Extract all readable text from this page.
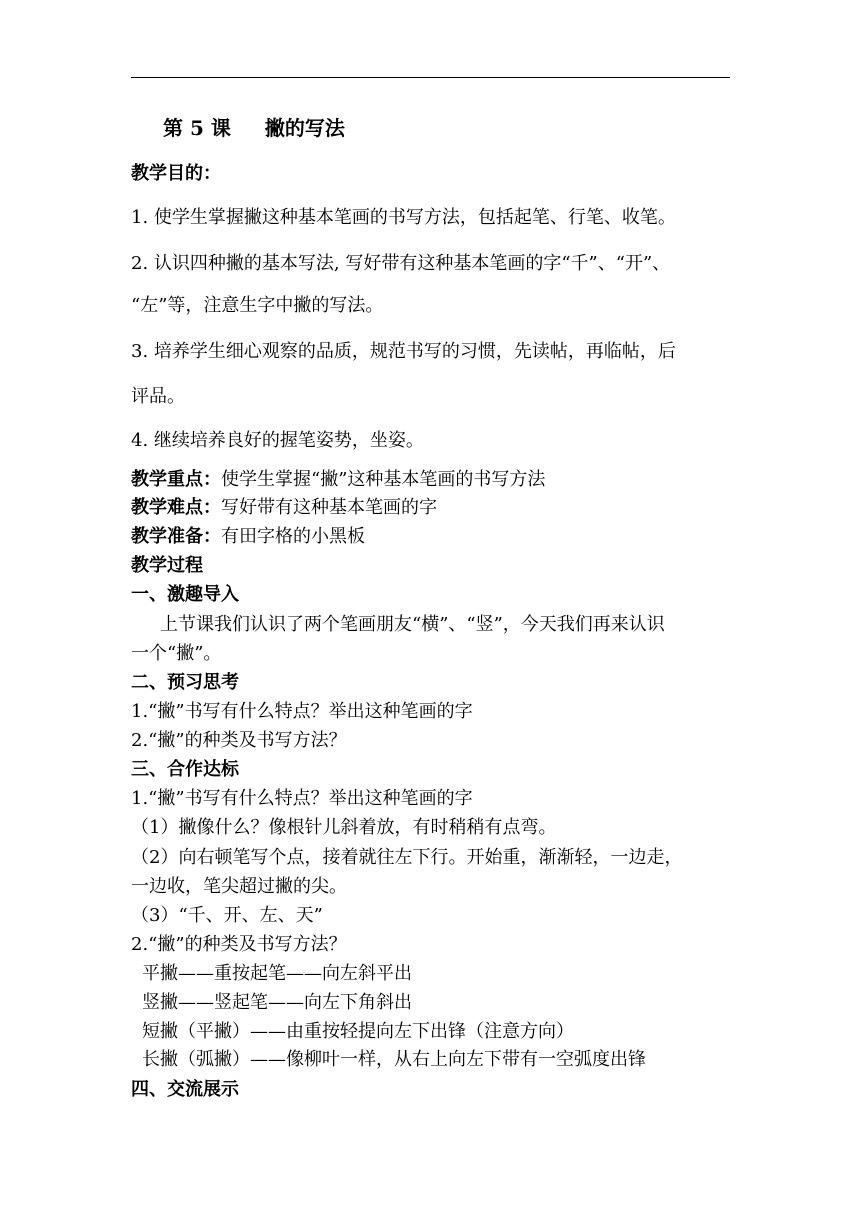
第 5 课 撇的写法
教学目的：
1. 使学生掌握撇这种基本笔画的书写方法，包括起笔、行笔、收笔。
2. 认识四种撇的基本写法, 写好带有这种基本笔画的字“千”、“开”、
“左”等，注意生字中撇的写法。
3. 培养学生细心观察的品质，规范书写的习惯，先读帖，再临帖，后
评品。
4. 继续培养良好的握笔姿势，坐姿。
教学重点：使学生掌握“撇”这种基本笔画的书写方法
教学难点：写好带有这种基本笔画的字
教学准备：有田字格的小黑板
教学过程
一、激趣导入
上节课我们认识了两个笔画朋友“横”、“竖”，今天我们再来认识
一个“撇”。
二、预习思考
1.“撇”书写有什么特点？举出这种笔画的字
2.“撇”的种类及书写方法？
三、合作达标
1.“撇”书写有什么特点？举出这种笔画的字
（1）撇像什么？像根针儿斜着放，有时稍稍有点弯。
（2）向右顿笔写个点，接着就往左下行。开始重，渐渐轻，一边走，
一边收，笔尖超过撇的尖。
（3）“千、开、左、天”
2.“撇”的种类及书写方法？
平撇——重按起笔——向左斜平出
竖撇——竖起笔——向左下角斜出
短撇（平撇）——由重按轻提向左下出锋（注意方向）
长撇（弧撇）——像柳叶一样，从右上向左下带有一空弧度出锋
四、交流展示
